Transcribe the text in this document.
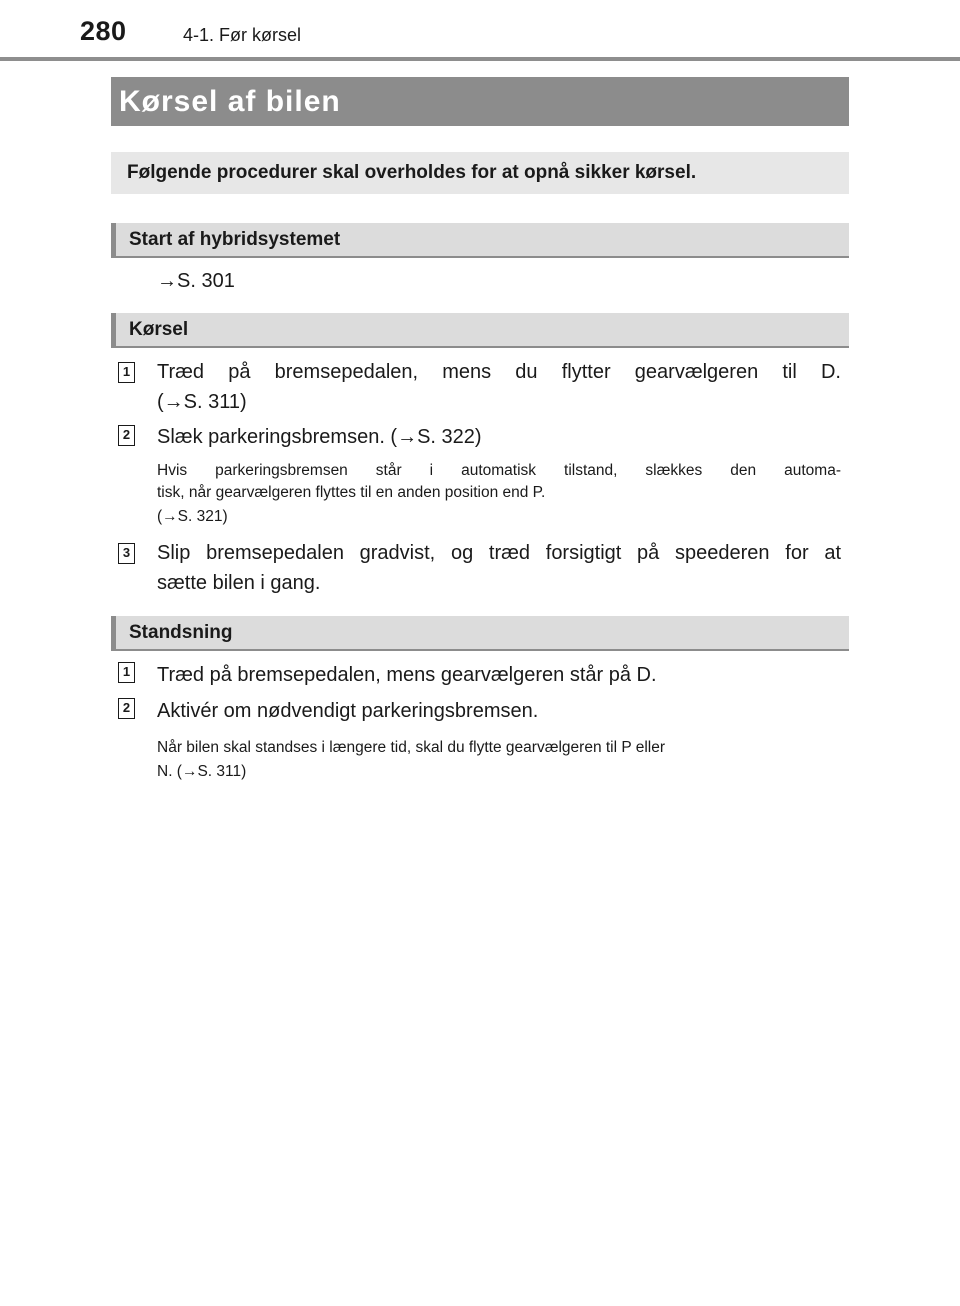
280	4-1. Før kørsel
Kørsel af bilen
Følgende procedurer skal overholdes for at opnå sikker kørsel.
Start af hybridsystemet
→S. 301
Kørsel
1 Træd på bremsepedalen, mens du flytter gearvælgeren til D.
(→S. 311)
2 Slæk parkeringsbremsen. (→S. 322)
Hvis parkeringsbremsen står i automatisk tilstand, slækkes den automa-
tisk, når gearvælgeren flyttes til en anden position end P.
(→S. 321)
3 Slip bremsepedalen gradvist, og træd forsigtigt på speederen for at
sætte bilen i gang.
Standsning
1 Træd på bremsepedalen, mens gearvælgeren står på D.
2 Aktivér om nødvendigt parkeringsbremsen.
Når bilen skal standses i længere tid, skal du flytte gearvælgeren til P eller
N. (→S. 311)
